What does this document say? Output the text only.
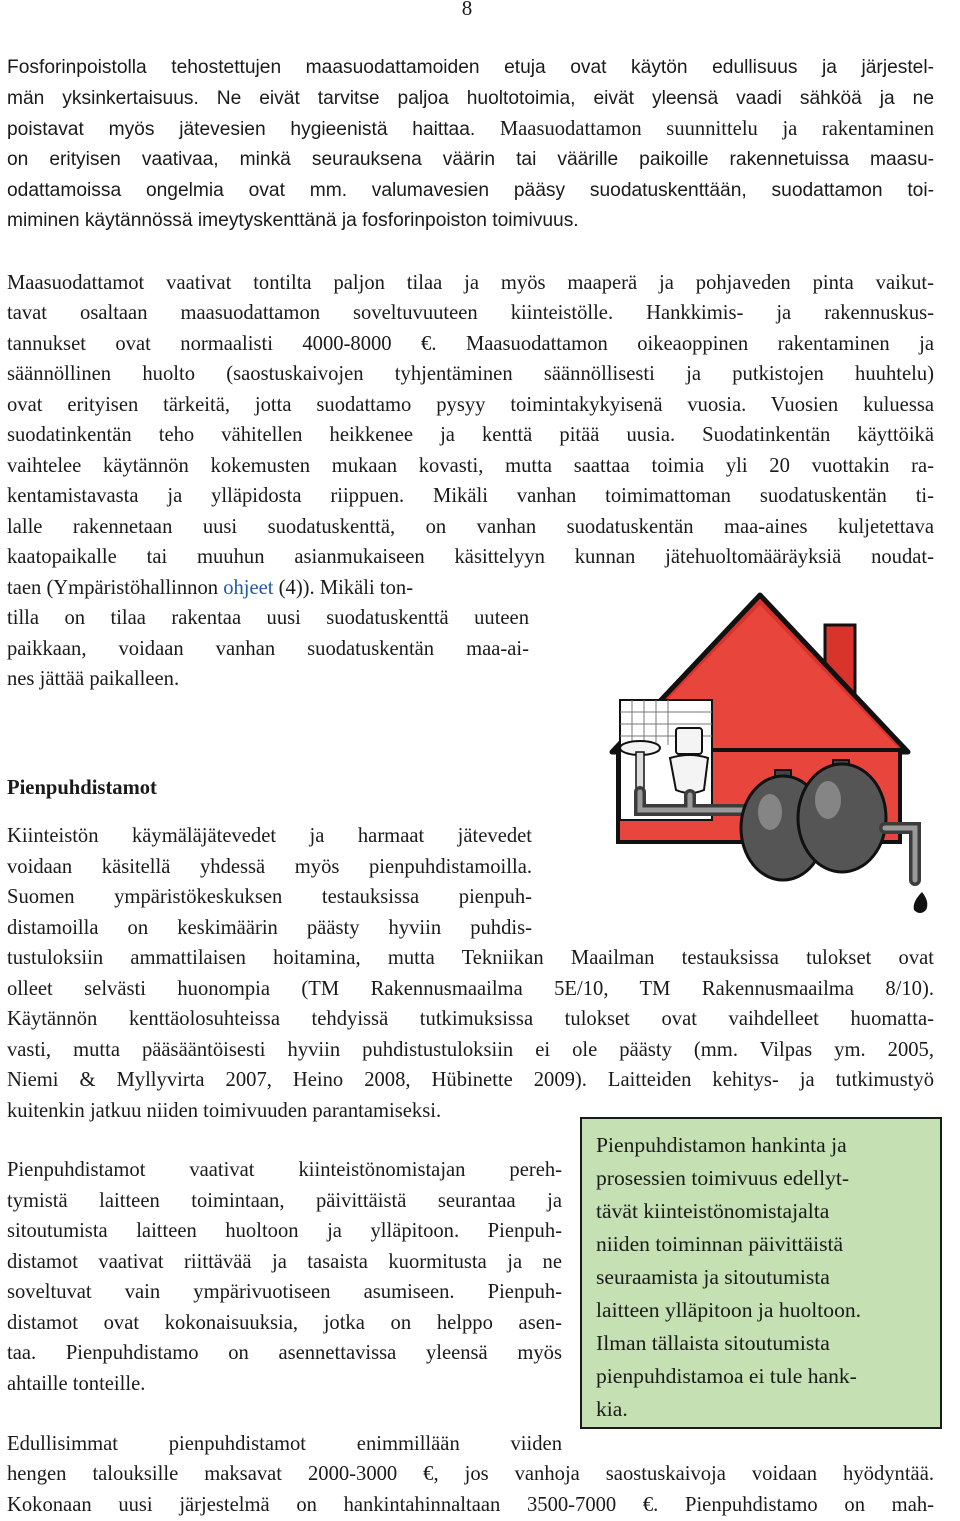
8
Fosforinpoistolla tehostettujen maasuodattamoiden etuja ovat käytön edullisuus ja järjestel-
män yksinkertaisuus. Ne eivät tarvitse paljoa huoltotoimia, eivät yleensä vaadi sähköä ja ne
poistavat myös jätevesien hygieenistä haittaa. Maasuodattamon suunnittelu ja rakentaminen
on erityisen vaativaa, minkä seurauksena väärin tai väärille paikoille rakennetuissa maasu-
odattamoissa ongelmia ovat mm. valumavesien pääsy suodatuskenttään, suodattamon toi-
miminen käytännössä imeytyskenttänä ja fosforinpoiston toimivuus.
Maasuodattamot vaativat tontilta paljon tilaa ja myös maaperä ja pohjaveden pinta vaikut-
tavat osaltaan maasuodattamon soveltuvuuteen kiinteistölle. Hankkimis- ja rakennuskus-
tannukset ovat normaalisti 4000-8000 €. Maasuodattamon oikeaoppinen rakentaminen ja
säännöllinen huolto (saostuskaivojen tyhjentäminen säännöllisesti ja putkistojen huuhtelu)
ovat erityisen tärkeitä, jotta suodattamo pysyy toimintakykyisenä vuosia. Vuosien kuluessa
suodatinkentän teho vähitellen heikkenee ja kenttä pitää uusia. Suodatinkentän käyttöikä
vaihtelee käytännön kokemusten mukaan kovasti, mutta saattaa toimia yli 20 vuottakin ra-
kentamistavasta ja ylläpidosta riippuen. Mikäli vanhan toimimattoman suodatuskentän ti-
lalle rakennetaan uusi suodatuskenttä, on vanhan suodatuskentän maa-aines kuljetettava
kaatopaikalle tai muuhun asianmukaiseen käsittelyyn kunnan jätehuoltomääräyksiä noudat-
taen (Ympäristöhallinnon ohjeet (4)). Mikäli ton-
tilla on tilaa rakentaa uusi suodatuskenttä uuteen
paikkaan, voidaan vanhan suodatuskentän maa-ai-
nes jättää paikalleen.
Pienpuhdistamot
Kiinteistön käymäläjätevedet ja harmaat jätevedet
voidaan käsitellä yhdessä myös pienpuhdistamoilla.
Suomen ympäristökeskuksen testauksissa pienpuh-
distamoilla on keskimäärin päästy hyviin puhdis-
tustuloksiin ammattilaisen hoitamina, mutta Tekniikan Maailman testauksissa tulokset ovat
olleet selvästi huonompia (TM Rakennusmaailma 5E/10, TM Rakennusmaailma 8/10).
Käytännön kenttäolosuhteissa tehdyissä tutkimuksissa tulokset ovat vaihdelleet huomatta-
vasti, mutta pääsääntöisesti hyviin puhdistustuloksiin ei ole päästy (mm. Vilpas ym. 2005,
Niemi & Myllyvirta 2007, Heino 2008, Hübinette 2009). Laitteiden kehitys- ja tutkimustyö
kuitenkin jatkuu niiden toimivuuden parantamiseksi.
Pienpuhdistamot vaativat kiinteistönomistajan pereh-
tymistä laitteen toimintaan, päivittäistä seurantaa ja
sitoutumista laitteen huoltoon ja ylläpitoon. Pienpuh-
distamot vaativat riittävää ja tasaista kuormitusta ja ne
soveltuvat vain ympärivuotiseen asumiseen. Pienpuh-
distamot ovat kokonaisuuksia, jotka on helppo asen-
taa. Pienpuhdistamo on asennettavissa yleensä myös
ahtaille tonteille.
Edullisimmat pienpuhdistamot enimmillään viiden
hengen talouksille maksavat 2000-3000 €, jos vanhoja saostuskaivoja voidaan hyödyntää.
Kokonaan uusi järjestelmä on hankintahinnaltaan 3500-7000 €. Pienpuhdistamo on mah-
Pienpuhdistamon hankinta ja
prosessien toimivuus edellyt-
tävät kiinteistönomistajalta
niiden toiminnan päivittäistä
seuraamista ja sitoutumista
laitteen ylläpitoon ja huoltoon.
Ilman tällaista sitoutumista
pienpuhdistamoa ei tule hank-
kia.
